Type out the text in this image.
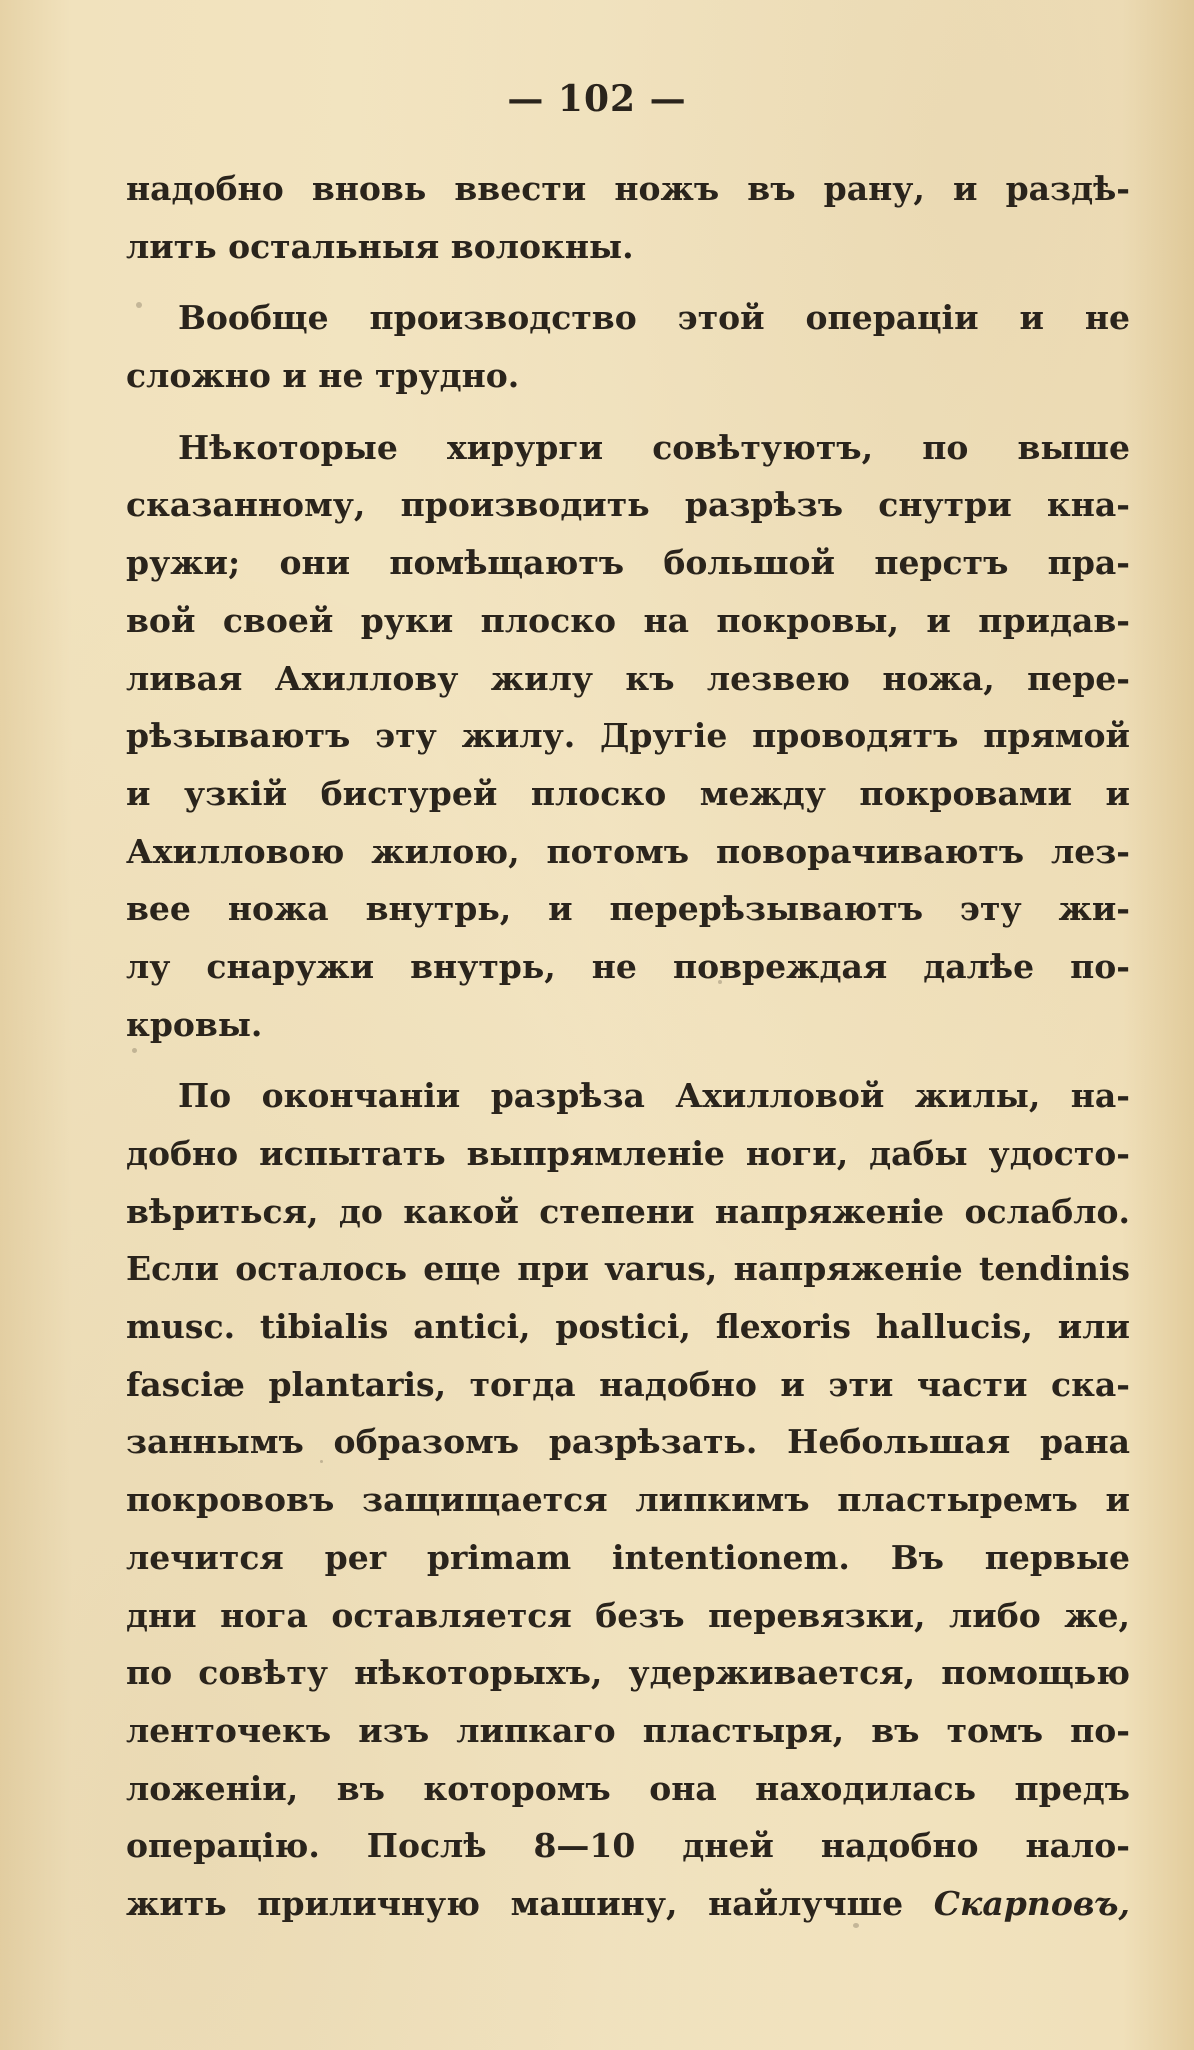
— 102 —
надобно вновь ввести ножъ въ рану, и раздѣ-
лить остальныя волокны.
Вообще производство этой операціи и не
сложно и не трудно.
Нѣкоторые хирурги совѣтуютъ, по выше
сказанному, производить разрѣзъ снутри кна-
ружи; они помѣщаютъ большой перстъ пра-
вой своей руки плоско на покровы, и придав-
ливая Ахиллову жилу къ лезвею ножа, пере-
рѣзываютъ эту жилу. Другіе проводятъ прямой
и узкій бистурей плоско между покровами и
Ахилловою жилою, потомъ поворачиваютъ лез-
вее ножа внутрь, и перерѣзываютъ эту жи-
лу снаружи внутрь, не повреждая далѣе по-
кровы.
По окончаніи разрѣза Ахилловой жилы, на-
добно испытать выпрямленіе ноги, дабы удосто-
вѣриться, до какой степени напряженіе ослабло.
Если осталось еще при varus, напряженіе tendinis
musc. tibialis antici, postici, flexoris hallucis, или
fasciæ plantaris, тогда надобно и эти части ска-
заннымъ образомъ разрѣзать. Небольшая рана
покрововъ защищается липкимъ пластыремъ и
лечится per primam intentionem. Въ первые
дни нога оставляется безъ перевязки, либо же,
по совѣту нѣкоторыхъ, удерживается, помощью
ленточекъ изъ липкаго пластыря, въ томъ по-
ложеніи, въ которомъ она находилась предъ
операцію. Послѣ 8—10 дней надобно нало-
жить приличную машину, найлучше Скарповъ,
